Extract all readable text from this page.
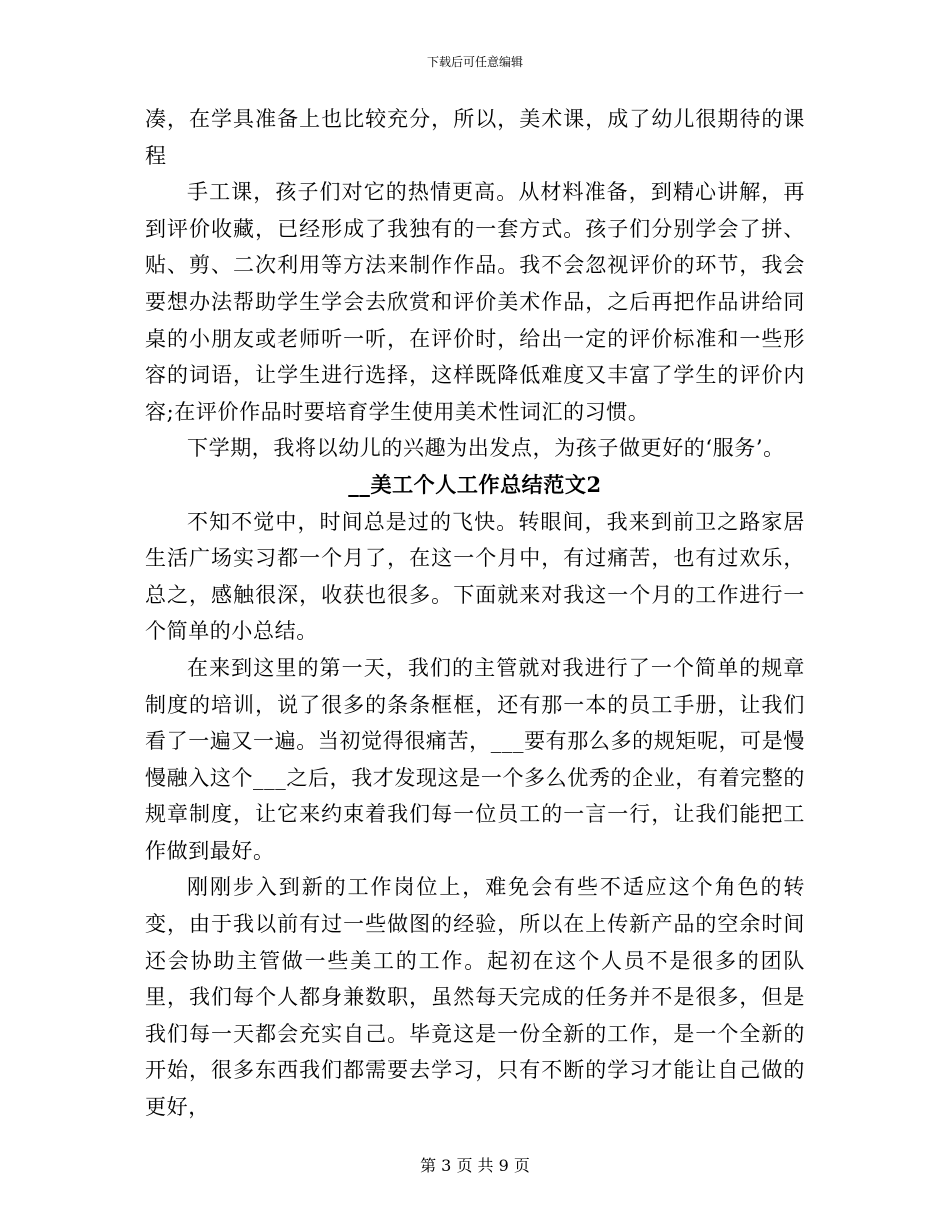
下载后可任意编辑

凑，在学具准备上也比较充分，所以，美术课，成了幼儿很期待的课程

手工课，孩子们对它的热情更高。从材料准备，到精心讲解，再到评价收藏，已经形成了我独有的一套方式。孩子们分别学会了拼、贴、剪、二次利用等方法来制作作品。我不会忽视评价的环节，我会要想办法帮助学生学会去欣赏和评价美术作品，之后再把作品讲给同桌的小朋友或老师听一听，在评价时，给出一定的评价标准和一些形容的词语，让学生进行选择，这样既降低难度又丰富了学生的评价内容;在评价作品时要培育学生使用美术性词汇的习惯。

下学期，我将以幼儿的兴趣为出发点，为孩子做更好的‘服务’。

__美工个人工作总结范文2

不知不觉中，时间总是过的飞快。转眼间，我来到前卫之路家居生活广场实习都一个月了，在这一个月中，有过痛苦，也有过欢乐，总之，感触很深，收获也很多。下面就来对我这一个月的工作进行一个简单的小总结。

在来到这里的第一天，我们的主管就对我进行了一个简单的规章制度的培训，说了很多的条条框框，还有那一本的员工手册，让我们看了一遍又一遍。当初觉得很痛苦，___要有那么多的规矩呢，可是慢慢融入这个___之后，我才发现这是一个多么优秀的企业，有着完整的规章制度，让它来约束着我们每一位员工的一言一行，让我们能把工作做到最好。

刚刚步入到新的工作岗位上，难免会有些不适应这个角色的转变，由于我以前有过一些做图的经验，所以在上传新产品的空余时间还会协助主管做一些美工的工作。起初在这个人员不是很多的团队里，我们每个人都身兼数职，虽然每天完成的任务并不是很多，但是我们每一天都会充实自己。毕竟这是一份全新的工作，是一个全新的开始，很多东西我们都需要去学习，只有不断的学习才能让自己做的更好，

第 3 页 共 9 页
